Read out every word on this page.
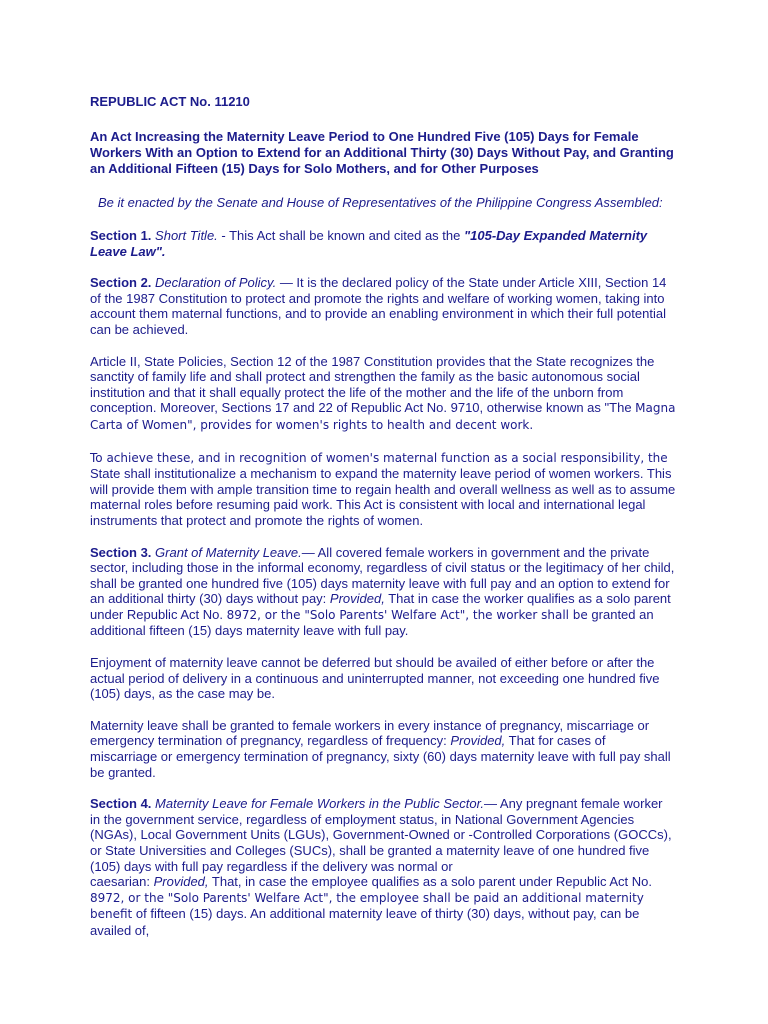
REPUBLIC ACT No. 11210
An Act Increasing the Maternity Leave Period to One Hundred Five (105) Days for Female Workers With an Option to Extend for an Additional Thirty (30) Days Without Pay, and Granting an Additional Fifteen (15) Days for Solo Mothers, and for Other Purposes
Be it enacted by the Senate and House of Representatives of the Philippine Congress Assembled:

Section 1. Short Title. - This Act shall be known and cited as the "105-Day Expanded Maternity Leave Law".

Section 2. Declaration of Policy. — It is the declared policy of the State under Article XIII, Section 14 of the 1987 Constitution to protect and promote the rights and welfare of working women, taking into account them maternal functions, and to provide an enabling environment in which their full potential can be achieved.

Article II, State Policies, Section 12 of the 1987 Constitution provides that the State recognizes the sanctity of family life and shall protect and strengthen the family as the basic autonomous social institution and that it shall equally protect the life of the mother and the life of the unborn from conception. Moreover, Sections 17 and 22 of Republic Act No. 9710, otherwise known as "The Magna Carta of Women", provides for women's rights to health and decent work.

To achieve these, and in recognition of women's maternal function as a social responsibility, the State shall institutionalize a mechanism to expand the maternity leave period of women workers. This will provide them with ample transition time to regain health and overall wellness as well as to assume maternal roles before resuming paid work. This Act is consistent with local and international legal instruments that protect and promote the rights of women.

Section 3. Grant of Maternity Leave.— All covered female workers in government and the private sector, including those in the informal economy, regardless of civil status or the legitimacy of her child, shall be granted one hundred five (105) days maternity leave with full pay and an option to extend for an additional thirty (30) days without pay: Provided, That in case the worker qualifies as a solo parent under Republic Act No. 8972, or the "Solo Parents' Welfare Act", the worker shall be granted an additional fifteen (15) days maternity leave with full pay.

Enjoyment of maternity leave cannot be deferred but should be availed of either before or after the actual period of delivery in a continuous and uninterrupted manner, not exceeding one hundred five (105) days, as the case may be.

Maternity leave shall be granted to female workers in every instance of pregnancy, miscarriage or emergency termination of pregnancy, regardless of frequency: Provided, That for cases of miscarriage or emergency termination of pregnancy, sixty (60) days maternity leave with full pay shall be granted.

Section 4. Maternity Leave for Female Workers in the Public Sector.— Any pregnant female worker in the government service, regardless of employment status, in National Government Agencies (NGAs), Local Government Units (LGUs), Government-Owned or -Controlled Corporations (GOCCs), or State Universities and Colleges (SUCs), shall be granted a maternity leave of one hundred five (105) days with full pay regardless if the delivery was normal or
caesarian: Provided, That, in case the employee qualifies as a solo parent under Republic Act No. 8972, or the "Solo Parents' Welfare Act", the employee shall be paid an additional maternity benefit of fifteen (15) days. An additional maternity leave of thirty (30) days, without pay, can be availed of,
